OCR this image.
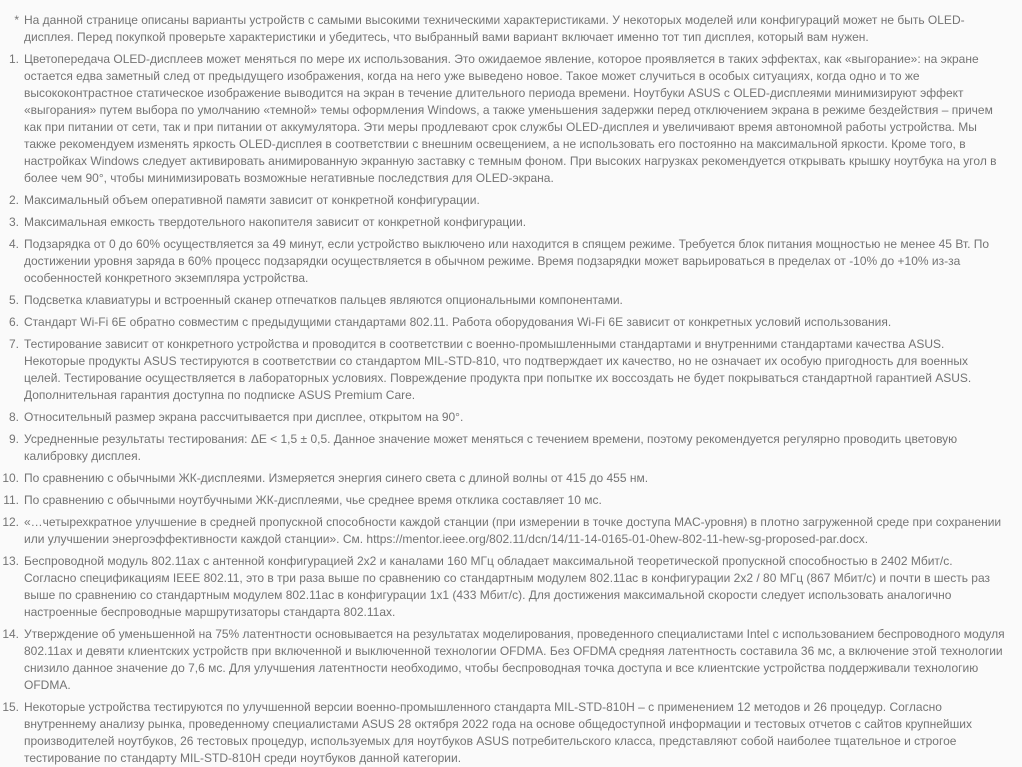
* На данной странице описаны варианты устройств с самыми высокими техническими характеристиками. У некоторых моделей или конфигураций может не быть OLED-дисплея. Перед покупкой проверьте характеристики и убедитесь, что выбранный вами вариант включает именно тот тип дисплея, который вам нужен.

1. Цветопередача OLED-дисплеев может меняться по мере их использования. Это ожидаемое явление, которое проявляется в таких эффектах, как «выгорание»: на экране остается едва заметный след от предыдущего изображения, когда на него уже выведено новое. Такое может случиться в особых ситуациях, когда одно и то же высококонтрастное статическое изображение выводится на экран в течение длительного периода времени. Ноутбуки ASUS с OLED-дисплеями минимизируют эффект «выгорания» путем выбора по умолчанию «темной» темы оформления Windows, а также уменьшения задержки перед отключением экрана в режиме бездействия – причем как при питании от сети, так и при питании от аккумулятора. Эти меры продлевают срок службы OLED-дисплея и увеличивают время автономной работы устройства. Мы также рекомендуем изменять яркость OLED-дисплея в соответствии с внешним освещением, а не использовать его постоянно на максимальной яркости. Кроме того, в настройках Windows следует активировать анимированную экранную заставку с темным фоном. При высоких нагрузках рекомендуется открывать крышку ноутбука на угол в более чем 90°, чтобы минимизировать возможные негативные последствия для OLED-экрана.

2. Максимальный объем оперативной памяти зависит от конкретной конфигурации.

3. Максимальная емкость твердотельного накопителя зависит от конкретной конфигурации.

4. Подзарядка от 0 до 60% осуществляется за 49 минут, если устройство выключено или находится в спящем режиме. Требуется блок питания мощностью не менее 45 Вт. По достижении уровня заряда в 60% процесс подзарядки осуществляется в обычном режиме. Время подзарядки может варьироваться в пределах от -10% до +10% из-за особенностей конкретного экземпляра устройства.

5. Подсветка клавиатуры и встроенный сканер отпечатков пальцев являются опциональными компонентами.

6. Стандарт Wi-Fi 6E обратно совместим с предыдущими стандартами 802.11. Работа оборудования Wi-Fi 6E зависит от конкретных условий использования.

7. Тестирование зависит от конкретного устройства и проводится в соответствии с военно-промышленными стандартами и внутренними стандартами качества ASUS. Некоторые продукты ASUS тестируются в соответствии со стандартом MIL-STD-810, что подтверждает их качество, но не означает их особую пригодность для военных целей. Тестирование осуществляется в лабораторных условиях. Повреждение продукта при попытке их воссоздать не будет покрываться стандартной гарантией ASUS. Дополнительная гарантия доступна по подписке ASUS Premium Care.

8. Относительный размер экрана рассчитывается при дисплее, открытом на 90°.

9. Усредненные результаты тестирования: ΔE < 1,5 ± 0,5. Данное значение может меняться с течением времени, поэтому рекомендуется регулярно проводить цветовую калибровку дисплея.

10. По сравнению с обычными ЖК-дисплеями. Измеряется энергия синего света с длиной волны от 415 до 455 нм.

11. По сравнению с обычными ноутбучными ЖК-дисплеями, чье среднее время отклика составляет 10 мс.

12. «…четырехкратное улучшение в средней пропускной способности каждой станции (при измерении в точке доступа MAC-уровня) в плотно загруженной среде при сохранении или улучшении энергоэффективности каждой станции». См. https://mentor.ieee.org/802.11/dcn/14/11-14-0165-01-0hew-802-11-hew-sg-proposed-par.docx.

13. Беспроводной модуль 802.11ax с антенной конфигурацией 2x2 и каналами 160 МГц обладает максимальной теоретической пропускной способностью в 2402 Мбит/с. Согласно спецификациям IEEE 802.11, это в три раза выше по сравнению со стандартным модулем 802.11ac в конфигурации 2x2 / 80 МГц (867 Мбит/с) и почти в шесть раз выше по сравнению со стандартным модулем 802.11ac в конфигурации 1x1 (433 Мбит/с). Для достижения максимальной скорости следует использовать аналогично настроенные беспроводные маршрутизаторы стандарта 802.11ax.

14. Утверждение об уменьшенной на 75% латентности основывается на результатах моделирования, проведенного специалистами Intel с использованием беспроводного модуля 802.11ax и девяти клиентских устройств при включенной и выключенной технологии OFDMA. Без OFDMA средняя латентность составила 36 мс, а включение этой технологии снизило данное значение до 7,6 мс. Для улучшения латентности необходимо, чтобы беспроводная точка доступа и все клиентские устройства поддерживали технологию OFDMA.

15. Некоторые устройства тестируются по улучшенной версии военно-промышленного стандарта MIL-STD-810H – с применением 12 методов и 26 процедур. Согласно внутреннему анализу рынка, проведенному специалистами ASUS 28 октября 2022 года на основе общедоступной информации и тестовых отчетов с сайтов крупнейших производителей ноутбуков, 26 тестовых процедур, используемых для ноутбуков ASUS потребительского класса, представляют собой наиболее тщательное и строгое тестирование по стандарту MIL-STD-810H среди ноутбуков данной категории.
